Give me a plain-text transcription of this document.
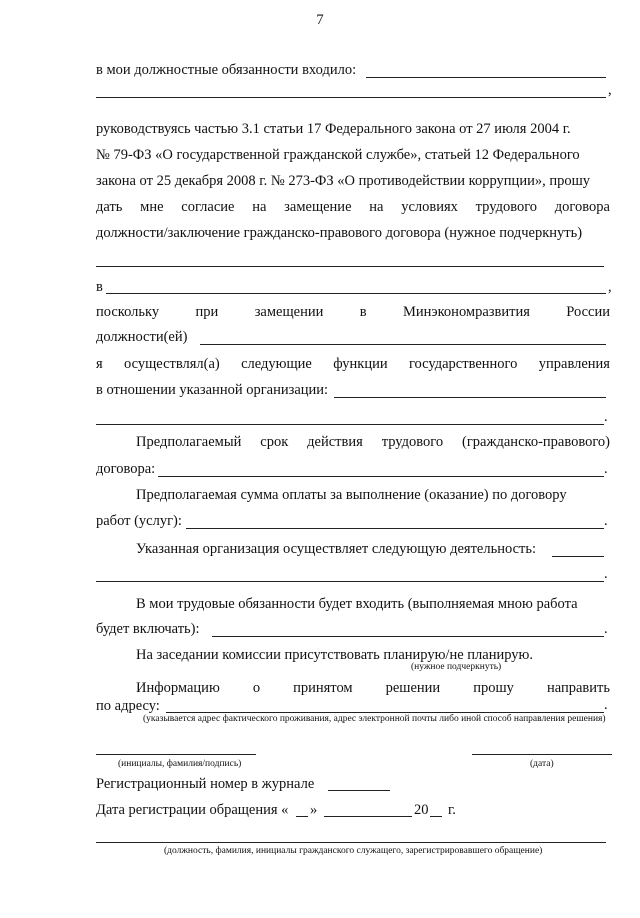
7
в мои должностные обязанности входило:
,
руководствуясь частью 3.1 статьи 17 Федерального закона от 27 июля 2004 г.
№ 79-ФЗ «О государственной гражданской службе», статьей 12 Федерального
закона от 25 декабря 2008 г. № 273-ФЗ «О противодействии коррупции», прошу
дать мне согласие на замещение на условиях трудового договора
должности/заключение гражданско-правового договора (нужное подчеркнуть)
в	,
поскольку	при	замещении	в	Минэкономразвития	России
должности(ей)
я осуществлял(а) следующие функции государственного управления
в отношении указанной организации:
.
Предполагаемый срок действия трудового (гражданско-правового)
договора:	.
Предполагаемая сумма оплаты за выполнение (оказание) по договору
работ (услуг):	.
Указанная организация осуществляет следующую деятельность:
.
В мои трудовые обязанности будет входить (выполняемая мною работа
будет включать):	.
На заседании комиссии присутствовать планирую/не планирую.
(нужное подчеркнуть)
Информацию о принятом решении прошу направить
по адресу:	.
(указывается адрес фактического проживания, адрес электронной почты либо иной способ направления решения)
(инициалы, фамилия/подпись)	(дата)
Регистрационный номер в журнале
Дата регистрации обращения « »	20 г.
(должность, фамилия, инициалы гражданского служащего, зарегистрировавшего обращение)
